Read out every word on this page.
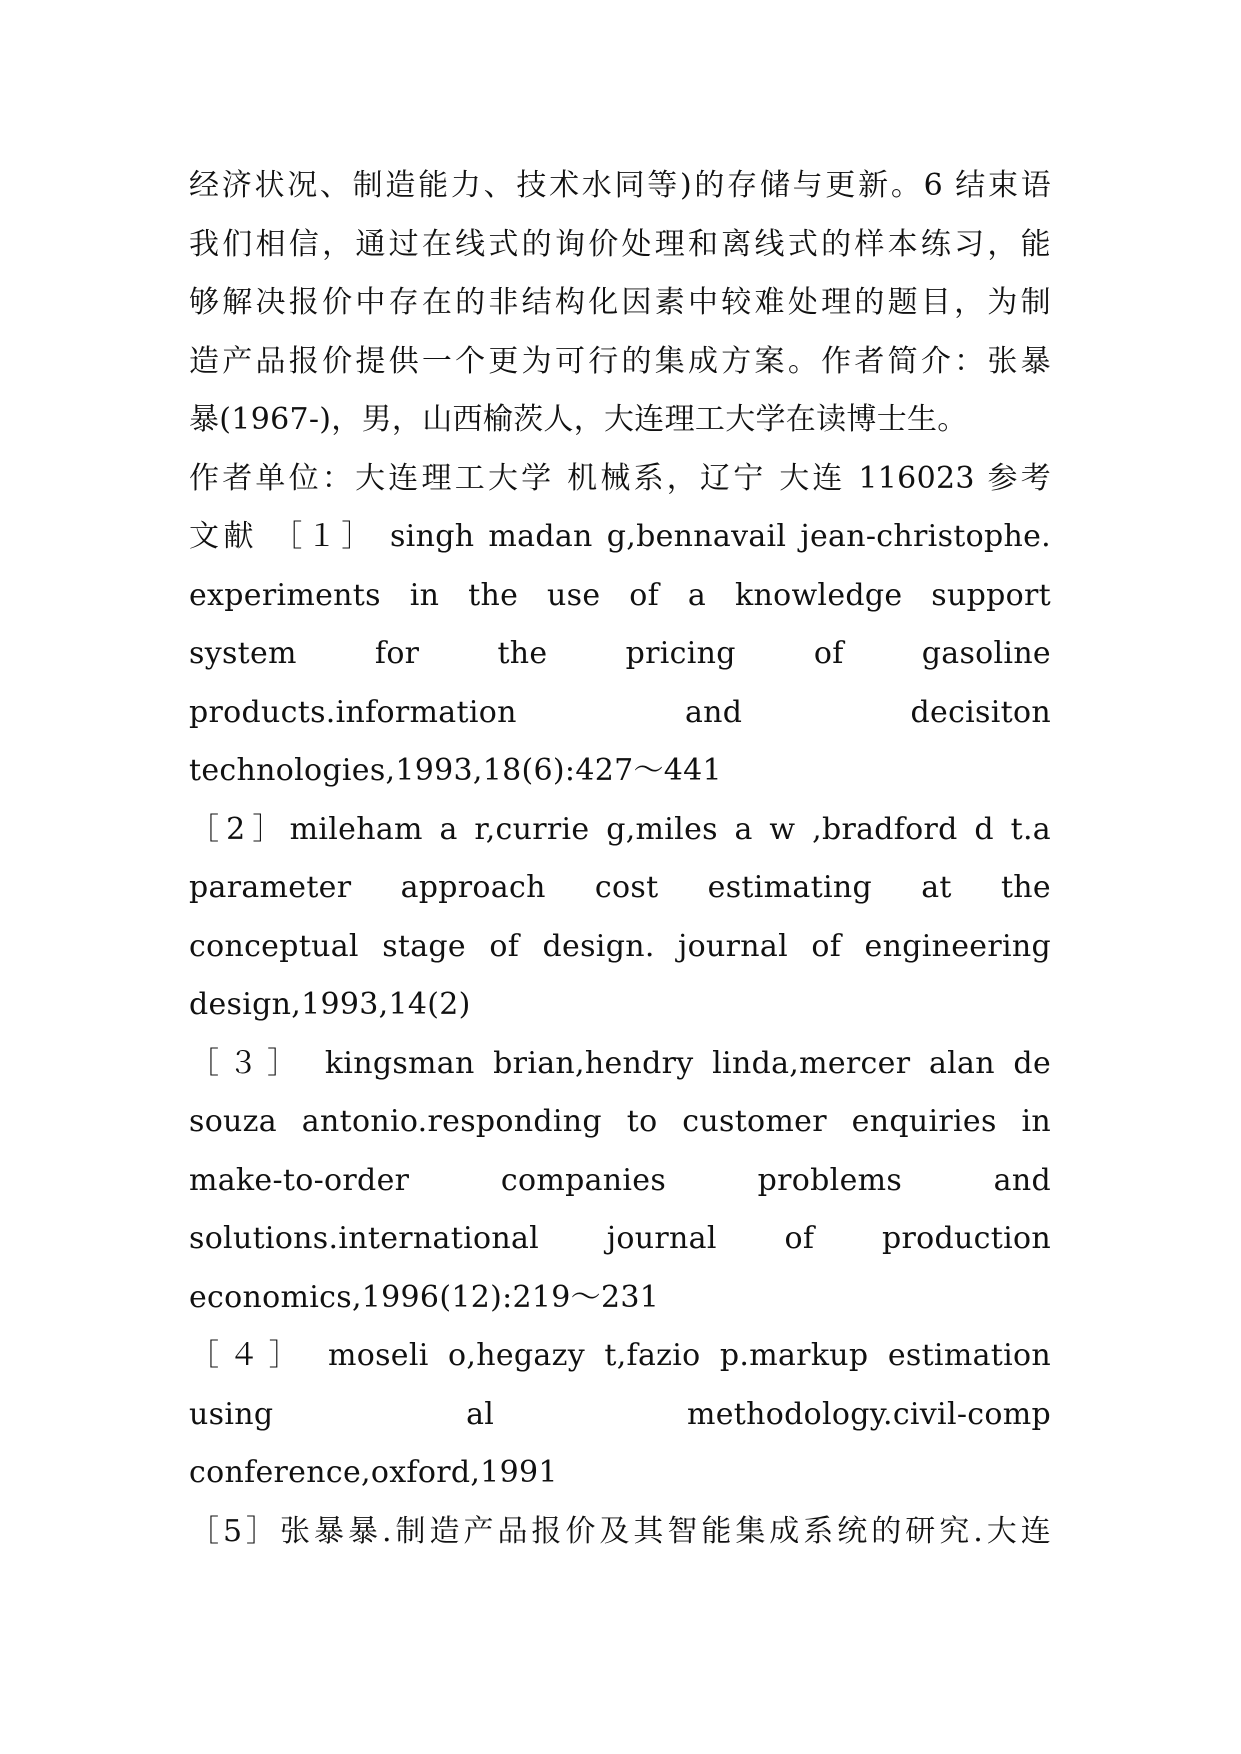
经济状况、制造能力、技术水同等)的存储与更新。6 结束语
我们相信，通过在线式的询价处理和离线式的样本练习，能
够解决报价中存在的非结构化因素中较难处理的题目，为制
造产品报价提供一个更为可行的集成方案。作者简介：张暴
暴(1967-)，男，山西榆茨人，大连理工大学在读博士生。
作者单位：大连理工大学 机械系，辽宁 大连 116023 参考
文献 ［１］ singh madan g,bennavail jean-christophe.
experiments in the use of a knowledge support
system for the pricing of gasoline
products.information and decisiton
technologies,1993,18(6):427～441
［2］mileham a r,currie g,miles a w ,bradford d t.a
parameter approach cost estimating at the
conceptual stage of design. journal of engineering
design,1993,14(2)
［３］ kingsman brian,hendry linda,mercer alan de
souza antonio.responding to customer enquiries in
make-to-order companies problems and
solutions.international journal of production
economics,1996(12):219～231
［４］ moseli o,hegazy t,fazio p.markup estimation
using al methodology.civil-comp
conference,oxford,1991
［5］张暴暴.制造产品报价及其智能集成系统的研究.大连
